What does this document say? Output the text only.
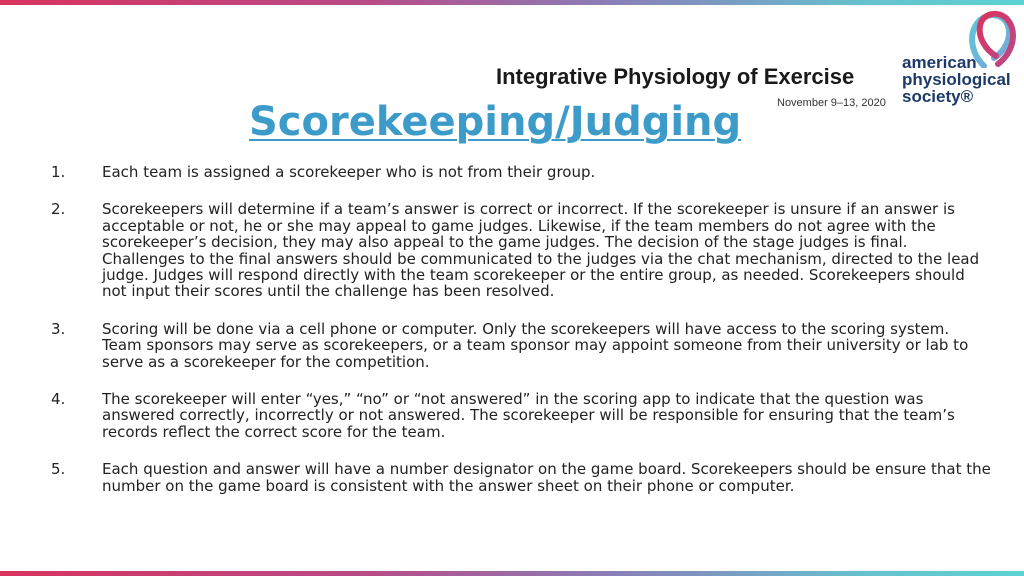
Integrative Physiology of Exercise
November 9–13, 2020
american
physiological
society®
Scorekeeping/Judging
1. Each team is assigned a scorekeeper who is not from their group.
2. Scorekeepers will determine if a team’s answer is correct or incorrect. If the scorekeeper is unsure if an answer is acceptable or not, he or she may appeal to game judges. Likewise, if the team members do not agree with the scorekeeper’s decision, they may also appeal to the game judges. The decision of the stage judges is final. Challenges to the final answers should be communicated to the judges via the chat mechanism, directed to the lead judge. Judges will respond directly with the team scorekeeper or the entire group, as needed. Scorekeepers should not input their scores until the challenge has been resolved.
3. Scoring will be done via a cell phone or computer. Only the scorekeepers will have access to the scoring system. Team sponsors may serve as scorekeepers, or a team sponsor may appoint someone from their university or lab to serve as a scorekeeper for the competition.
4. The scorekeeper will enter “yes,” “no” or “not answered” in the scoring app to indicate that the question was answered correctly, incorrectly or not answered. The scorekeeper will be responsible for ensuring that the team’s records reflect the correct score for the team.
5. Each question and answer will have a number designator on the game board. Scorekeepers should be ensure that the number on the game board is consistent with the answer sheet on their phone or computer.
